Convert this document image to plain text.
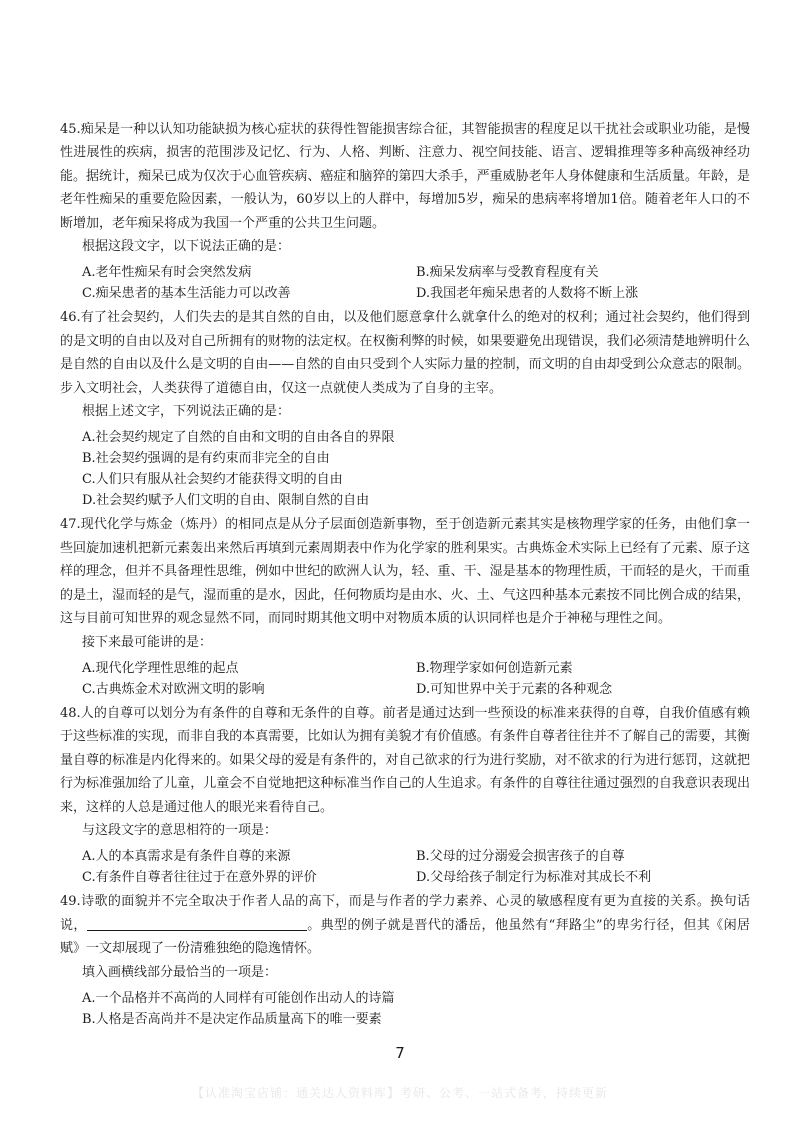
45.痴呆是一种以认知功能缺损为核心症状的获得性智能损害综合征，其智能损害的程度足以干扰社会或职业功能，是慢性进展性的疾病，损害的范围涉及记忆、行为、人格、判断、注意力、视空间技能、语言、逻辑推理等多种高级神经功能。据统计，痴呆已成为仅次于心血管疾病、癌症和脑猝的第四大杀手，严重威胁老年人身体健康和生活质量。年龄，是老年性痴呆的重要危险因素，一般认为，60岁以上的人群中，每增加5岁，痴呆的患病率将增加1倍。随着老年人口的不断增加，老年痴呆将成为我国一个严重的公共卫生问题。
根据这段文字，以下说法正确的是：
A.老年性痴呆有时会突然发病	B.痴呆发病率与受教育程度有关
C.痴呆患者的基本生活能力可以改善	D.我国老年痴呆患者的人数将不断上涨
46.有了社会契约，人们失去的是其自然的自由，以及他们愿意拿什么就拿什么的绝对的权利；通过社会契约，他们得到的是文明的自由以及对自己所拥有的财物的法定权。在权衡利弊的时候，如果要避免出现错误，我们必须清楚地辨明什么是自然的自由以及什么是文明的自由——自然的自由只受到个人实际力量的控制，而文明的自由却受到公众意志的限制。步入文明社会，人类获得了道德自由，仅这一点就使人类成为了自身的主宰。
根据上述文字，下列说法正确的是：
A.社会契约规定了自然的自由和文明的自由各自的界限
B.社会契约强调的是有约束而非完全的自由
C.人们只有服从社会契约才能获得文明的自由
D.社会契约赋予人们文明的自由、限制自然的自由
47.现代化学与炼金（炼丹）的相同点是从分子层面创造新事物，至于创造新元素其实是核物理学家的任务，由他们拿一些回旋加速机把新元素轰出来然后再填到元素周期表中作为化学家的胜利果实。古典炼金术实际上已经有了元素、原子这样的理念，但并不具备理性思维，例如中世纪的欧洲人认为，轻、重、干、湿是基本的物理性质，干而轻的是火，干而重的是土，湿而轻的是气，湿而重的是水，因此，任何物质均是由水、火、土、气这四种基本元素按不同比例合成的结果，这与目前可知世界的观念显然不同，而同时期其他文明中对物质本质的认识同样也是介于神秘与理性之间。
接下来最可能讲的是：
A.现代化学理性思维的起点	B.物理学家如何创造新元素
C.古典炼金术对欧洲文明的影响	D.可知世界中关于元素的各种观念
48.人的自尊可以划分为有条件的自尊和无条件的自尊。前者是通过达到一些预设的标准来获得的自尊，自我价值感有赖于这些标准的实现，而非自我的本真需要，比如认为拥有美貌才有价值感。有条件自尊者往往并不了解自己的需要，其衡量自尊的标准是内化得来的。如果父母的爱是有条件的，对自己欲求的行为进行奖励，对不欲求的行为进行惩罚，这就把行为标准强加给了儿童，儿童会不自觉地把这种标准当作自己的人生追求。有条件的自尊往往通过强烈的自我意识表现出来，这样的人总是通过他人的眼光来看待自己。
与这段文字的意思相符的一项是：
A.人的本真需求是有条件自尊的来源	B.父母的过分溺爱会损害孩子的自尊
C.有条件自尊者往往过于在意外界的评价	D.父母给孩子制定行为标准对其成长不利
49.诗歌的面貌并不完全取决于作者人品的高下，而是与作者的学力素养、心灵的敏感程度有更为直接的关系。换句话说，	。典型的例子就是晋代的潘岳，他虽然有“拜路尘”的卑劣行径，但其《闲居赋》一文却展现了一份清雅独绝的隐逸情怀。
填入画横线部分最恰当的一项是：
A.一个品格并不高尚的人同样有可能创作出动人的诗篇
B.人格是否高尚并不是决定作品质量高下的唯一要素
7
【认准淘宝店铺：通关达人资料库】考研、公考、一站式备考，持续更新
